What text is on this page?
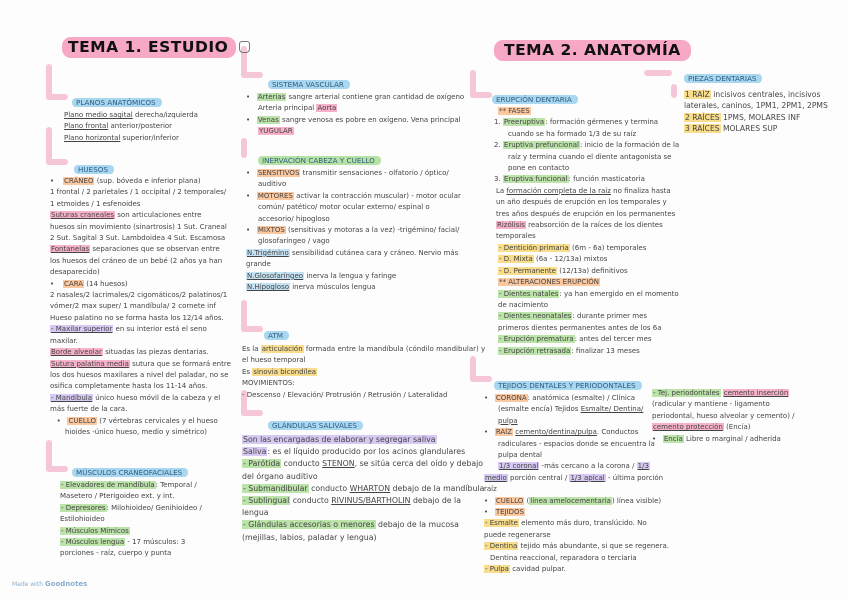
TEMA 1. ESTUDIO
PLANOS ANATÓMICOS
Plano medio sagital derecha/izquierda
Plano frontal anterior/posterior
Plano horizontal superior/inferior
HUESOS
•    CRÁNEO (sup. bóveda e inferior plana)
1 frontal / 2 parietales / 1 occipital / 2 temporales/
1 etmoides / 1 esfenoides
Suturas craneales son articulaciones entre
huesos sin movimiento (sinartrosis) 1 Sut. Craneal
2 Sut. Sagital 3 Sut. Lambdoidea 4 Sut. Escamosa
Fontanelas separaciones que se observan entre
los huesos del cráneo de un bebé (2 años ya han
desaparecido)
•    CARA (14 huesos)
2 nasales/2 lacrimales/2 cigomáticos/2 palatinos/1
vómer/2 max super/ 1 mandíbula/ 2 cornete inf
Hueso palatino no se forma hasta los 12/14 años.
- Maxilar superior en su interior está el seno
maxilar.
Borde alveolar situadas las piezas dentarias.
Sutura palatina media sutura que se formará entre
los dos huesos maxilares a nivel del paladar, no se
osifica completamente hasta los 11-14 años.
- Mandíbula único hueso móvil de la cabeza y el
más fuerte de la cara.
•   CUELLO (7 vértebras cervicales y el hueso
hioides -único hueso, medio y simétrico)
MÚSCULOS CRANEOFACIALES
- Elevadores de mandíbula: Temporal /
Masetero / Pterigoideo ext. y int.
- Depresores: Milohioideo/ Genihioideo /
Estilohioideo
- Músculos Mímicos
- Músculos lengua - 17 músculos: 3
porciones - raíz, cuerpo y punta
SISTEMA VASCULAR
•   Arterias sangre arterial contiene gran cantidad de oxígeno
Arteria principal Aorta
•   Venas sangre venosa es pobre en oxígeno. Vena principal
YUGULAR
INERVACIÓN CABEZA Y CUELLO
•   SENSITIVOS transmitir sensaciones - olfatorio / óptico/
auditivo
•   MOTORES activar la contracción muscular) - motor ocular
común/ patético/ motor ocular externo/ espinal o
accesorio/ hipogloso
•   MIXTOS (sensitivas y motoras a la vez) -trigémino/ facial/
glosofaríngeo / vago
N.Trigémino sensibilidad cutánea cara y cráneo. Nervio más
grande
N.Glosofaríngeo inerva la lengua y faringe
N.Hipogloso inerva músculos lengua
ATM
Es la articulación formada entre la mandíbula (cóndilo mandibular) y
el hueso temporal
Es sinovia bicondílea
MOVIMIENTOS:
- Descenso / Elevación/ Protrusión / Retrusión / Lateralidad
GLÁNDULAS SALIVALES
Son las encargadas de elaborar y segregar saliva
Saliva: es el líquido producido por los acinos glandulares
- Parótida conducto STENON, se sitúa cerca del oído y debajo
del órgano auditivo
- Submandibular conducto WHARTON debajo de la mandíbula
- Sublingual conducto RIVINUS/BARTHOLIN debajo de la
lengua
- Glándulas accesorias o menores debajo de la mucosa
(mejillas, labios, paladar y lengua)
TEMA 2. ANATOMÍA
ERUPCIÓN DENTARIA
** FASES
1. Preeruptiva: formación gérmenes y termina
cuando se ha formado 1/3 de su raíz
2. Eruptiva prefuncional: inicio de la formación de la
raíz y termina cuando el diente antagonista se
pone en contacto
3. Eruptiva funcional: función masticatoria
La formación completa de la raíz no finaliza hasta
un año después de erupción en los temporales y
tres años después de erupción en los permanentes
Rizólisis reabsorción de la raíces de los dientes
temporales
- Dentición primaria (6m - 6a) temporales
- D. Mixta (6a - 12/13a) mixtos
- D. Permanente (12/13a) definitivos
** ALTERACIONES ERUPCIÓN
- Dientes natales: ya han emergido en el momento
de nacimiento
- Dientes neonatales: durante primer mes
primeros dientes permanentes antes de los 6a
- Erupción prematura: antes del tercer mes
- Erupción retrasada: finalizar 13 meses
TEJIDOS DENTALES Y PERIODONTALES
•   CORONA: anatómica (esmalte) / Clínica
(esmalte encía) Tejidos Esmalte/ Dentina/
pulpa
•   RAÍZ cemento/dentina/pulpa. Conductos
radiculares - espacios donde se encuentra la
pulpa dental
1/3 coronal -más cercano a la corona / 1/3
medio porción central / 1/3 apical - última porción
raíz
•   CUELLO (línea amelocementaria) línea visible)
•   TEJIDOS
- Esmalte elemento más duro, translúcido. No
puede regenerarse
- Dentina tejido más abundante, si que se regenera.
Dentina reaccional, reparadora o terciaria
- Pulpa cavidad pulpar.
PIEZAS DENTARIAS
1 RAÍZ incisivos centrales, incisivos
laterales, caninos, 1PM1, 2PM1, 2PMS
2 RAÍCES 1PMS, MOLARES INF
3 RAÍCES MOLARES SUP
- Tej. periodontales cemento inserción
(radicular y mantiene - ligamento
periodontal, hueso alveolar y cemento) /
cemento protección (Encía)
•   Encía Libre o marginal / adherida
Made with Goodnotes
